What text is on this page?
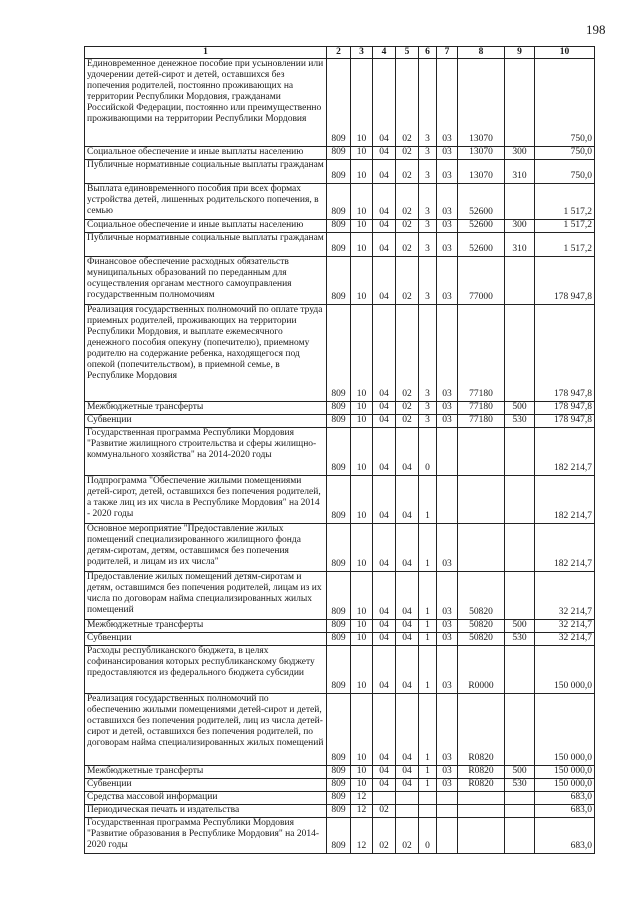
198
1	2	3	4	5	6	7	8	9	10
Единовременное денежное пособие при усыновлении или удочерении детей-сирот и детей, оставшихся без попечения родителей, постоянно проживающих на территории Республики Мордовия, гражданами Российской Федерации, постоянно или преимущественно проживающими на территории Республики Мордовия	809	10	04	02	3	03	13070		750,0
Социальное обеспечение и иные выплаты населению	809	10	04	02	3	03	13070	300	750,0
Публичные нормативные социальные выплаты гражданам	809	10	04	02	3	03	13070	310	750,0
Выплата единовременного пособия при всех формах устройства детей, лишенных родительского попечения, в семью	809	10	04	02	3	03	52600		1 517,2
Социальное обеспечение и иные выплаты населению	809	10	04	02	3	03	52600	300	1 517,2
Публичные нормативные социальные выплаты гражданам	809	10	04	02	3	03	52600	310	1 517,2
Финансовое обеспечение расходных обязательств муниципальных образований по переданным для осуществления органам местного самоуправления государственным полномочиям	809	10	04	02	3	03	77000		178 947,8
Реализация государственных полномочий по оплате труда приемных родителей, проживающих на территории Республики Мордовия, и выплате ежемесячного денежного пособия опекуну (попечителю), приемному родителю на содержание ребенка, находящегося под опекой (попечительством), в приемной семье, в Республике Мордовия	809	10	04	02	3	03	77180		178 947,8
Межбюджетные трансферты	809	10	04	02	3	03	77180	500	178 947,8
Субвенции	809	10	04	02	3	03	77180	530	178 947,8
Государственная программа Республики Мордовия "Развитие жилищного строительства и сферы жилищно-коммунального хозяйства" на 2014-2020 годы	809	10	04	04	0				182 214,7
Подпрограмма "Обеспечение жилыми помещениями детей-сирот, детей, оставшихся без попечения родителей, а также лиц из их числа в Республике Мордовия" на 2014 - 2020 годы	809	10	04	04	1				182 214,7
Основное мероприятие "Предоставление жилых помещений специализированного жилищного фонда детям-сиротам, детям, оставшимся без попечения родителей, и лицам из их числа"	809	10	04	04	1	03			182 214,7
Предоставление жилых помещений детям-сиротам и детям, оставшимся без попечения родителей, лицам из их числа по договорам найма специализированных жилых помещений	809	10	04	04	1	03	50820		32 214,7
Межбюджетные трансферты	809	10	04	04	1	03	50820	500	32 214,7
Субвенции	809	10	04	04	1	03	50820	530	32 214,7
Расходы республиканского бюджета, в целях софинансирования которых республиканскому бюджету предоставляются из федерального бюджета субсидии	809	10	04	04	1	03	R0000		150 000,0
Реализация государственных полномочий по обеспечению жилыми помещениями детей-сирот и детей, оставшихся без попечения родителей, лиц из числа детей-сирот и детей, оставшихся без попечения родителей, по договорам найма специализированных жилых помещений	809	10	04	04	1	03	R0820		150 000,0
Межбюджетные трансферты	809	10	04	04	1	03	R0820	500	150 000,0
Субвенции	809	10	04	04	1	03	R0820	530	150 000,0
Средства массовой информации	809	12							683,0
Периодическая печать и издательства	809	12	02						683,0
Государственная программа Республики Мордовия "Развитие образования в Республике Мордовия" на 2014-2020 годы	809	12	02	02	0				683,0
